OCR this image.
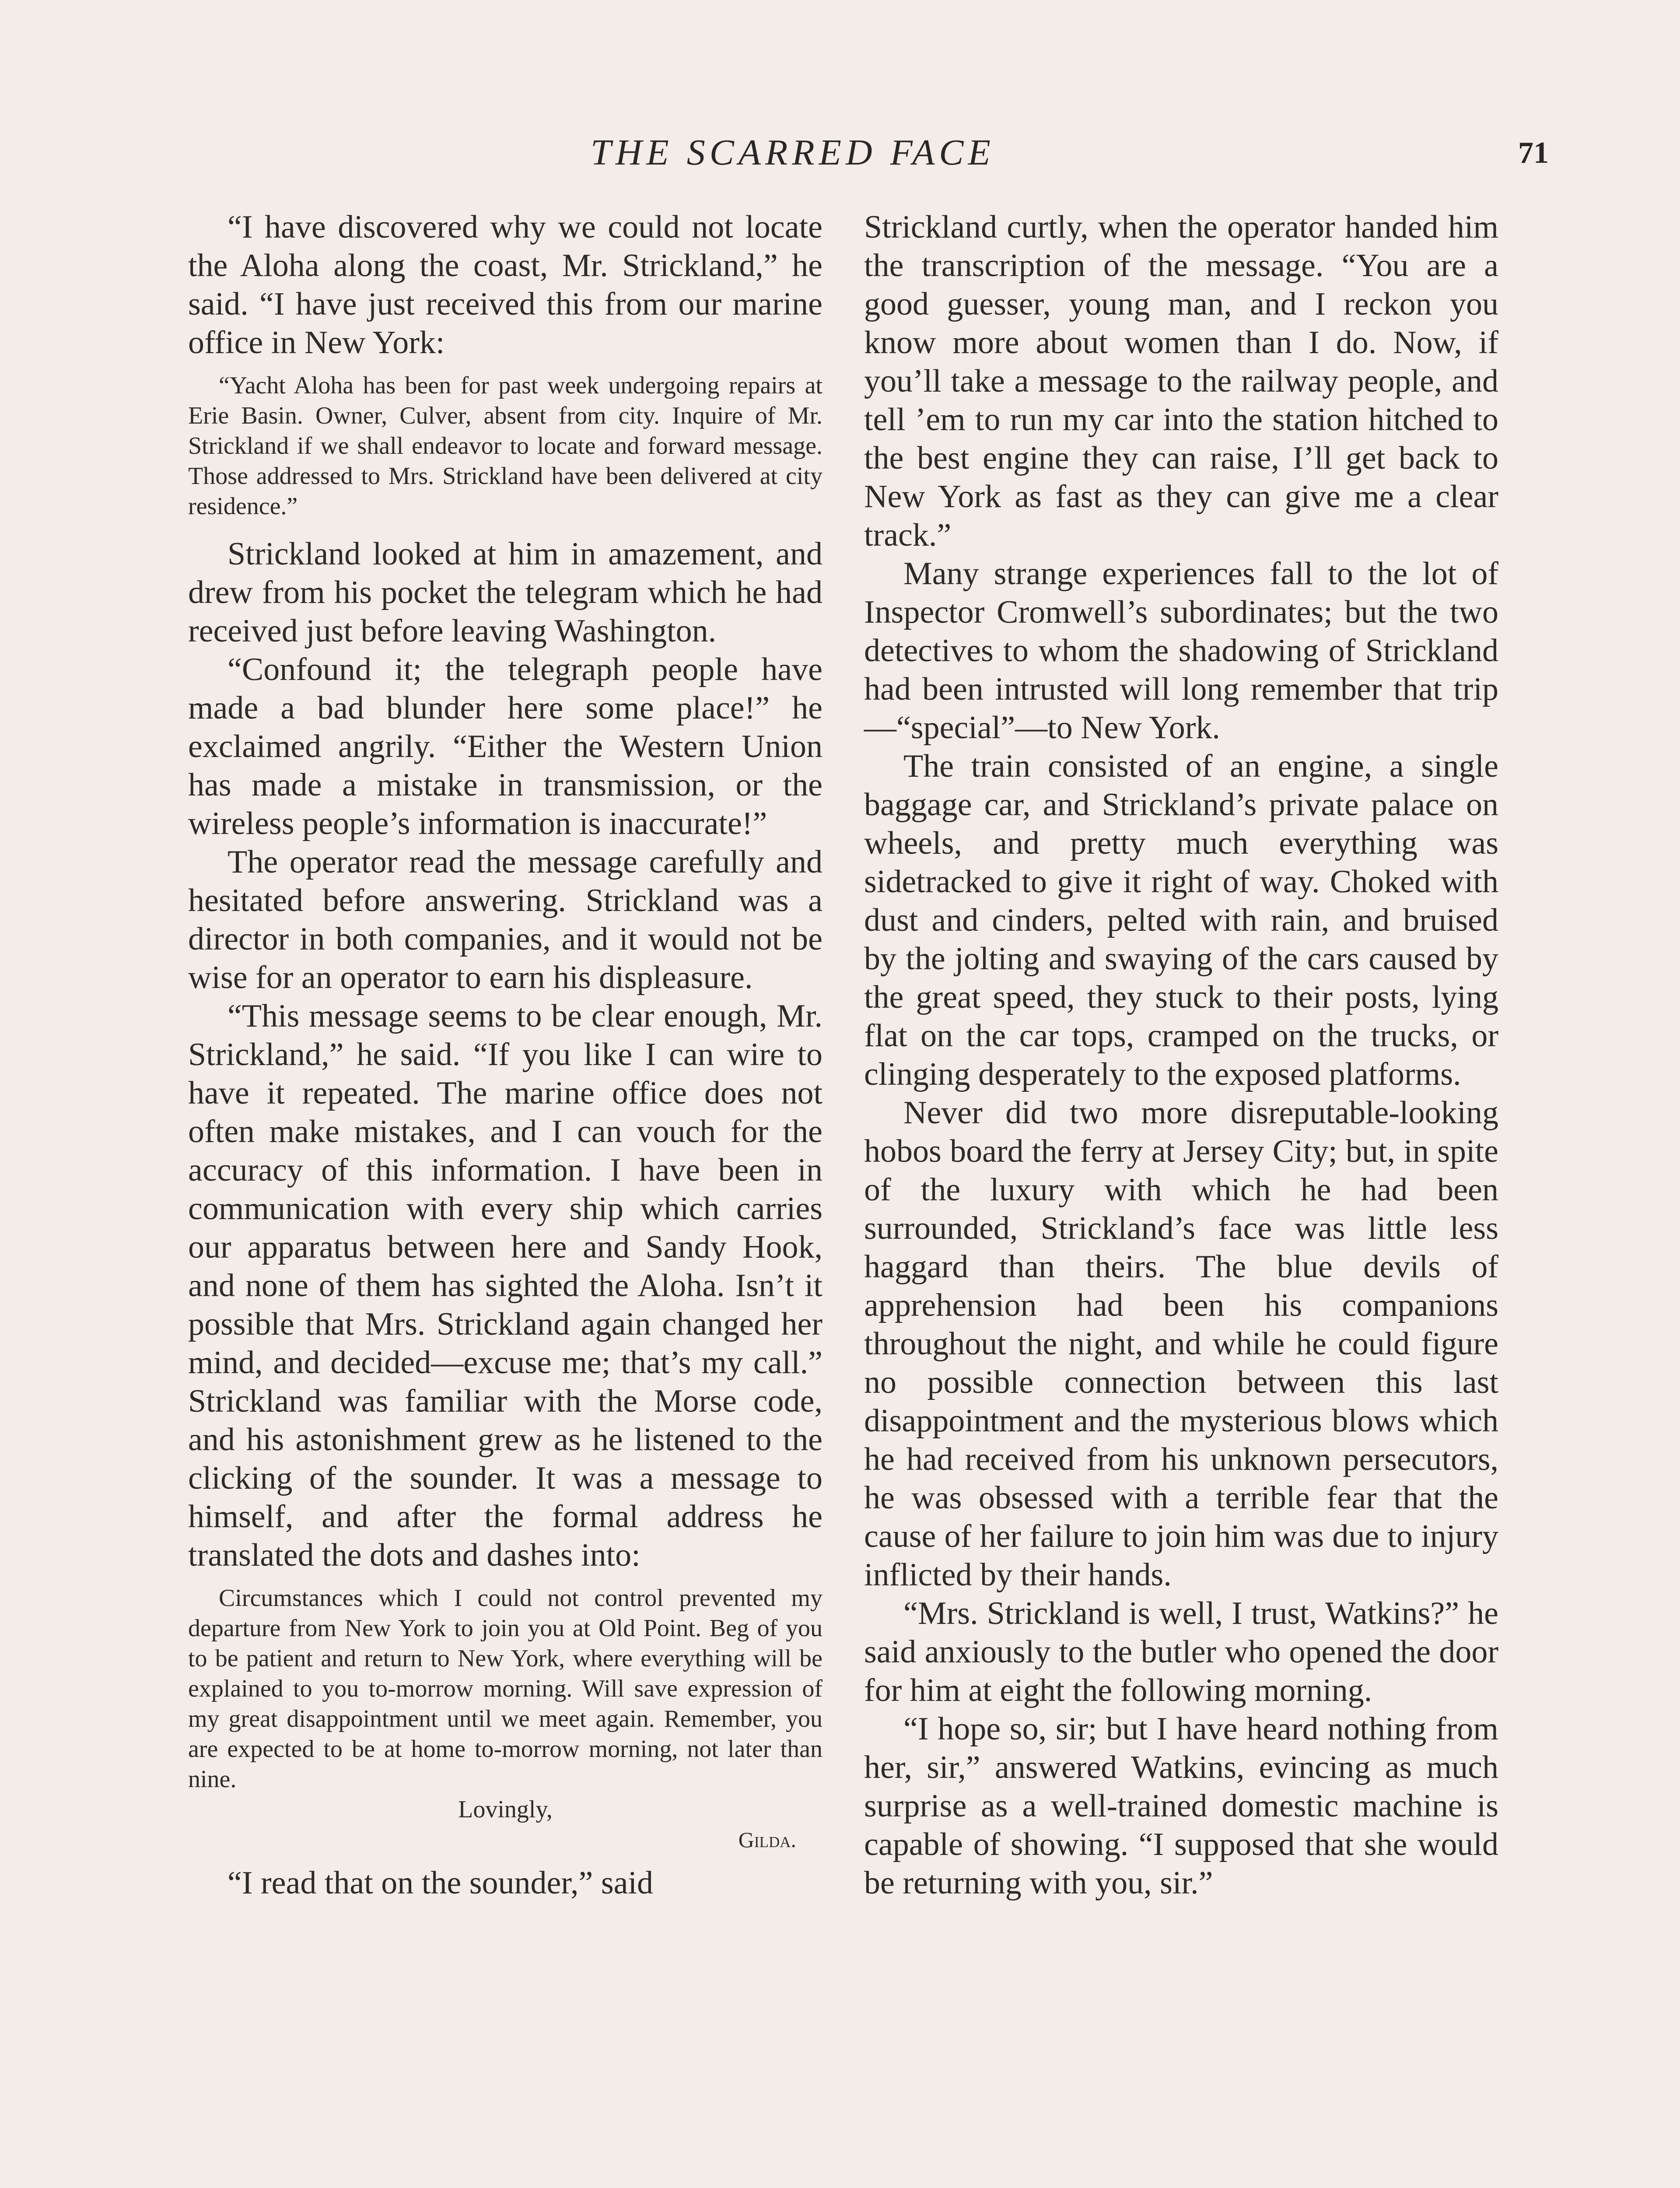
THE SCARRED FACE	71

“I have discovered why we could not locate the Aloha along the coast, Mr. Strickland,” he said. “I have just received this from our marine office in New York:

“Yacht Aloha has been for past week undergoing repairs at Erie Basin. Owner, Culver, absent from city. Inquire of Mr. Strickland if we shall endeavor to locate and forward message. Those addressed to Mrs. Strickland have been delivered at city residence.”

Strickland looked at him in amazement, and drew from his pocket the telegram which he had received just before leaving Washington.

“Confound it; the telegraph people have made a bad blunder here some place!” he exclaimed angrily. “Either the Western Union has made a mistake in transmission, or the wireless people’s information is inaccurate!”

The operator read the message carefully and hesitated before answering. Strickland was a director in both companies, and it would not be wise for an operator to earn his displeasure.

“This message seems to be clear enough, Mr. Strickland,” he said. “If you like I can wire to have it repeated. The marine office does not often make mistakes, and I can vouch for the accuracy of this information. I have been in communication with every ship which carries our apparatus between here and Sandy Hook, and none of them has sighted the Aloha. Isn’t it possible that Mrs. Strickland again changed her mind, and decided—excuse me; that’s my call.” Strickland was familiar with the Morse code, and his astonishment grew as he listened to the clicking of the sounder. It was a message to himself, and after the formal address he translated the dots and dashes into:

Circumstances which I could not control prevented my departure from New York to join you at Old Point. Beg of you to be patient and return to New York, where everything will be explained to you to-morrow morning. Will save expression of my great disappointment until we meet again. Remember, you are expected to be at home to-morrow morning, not later than nine.
Lovingly,
Gilda.

“I read that on the sounder,” said

Strickland curtly, when the operator handed him the transcription of the message. “You are a good guesser, young man, and I reckon you know more about women than I do. Now, if you’ll take a message to the railway people, and tell ’em to run my car into the station hitched to the best engine they can raise, I’ll get back to New York as fast as they can give me a clear track.”

Many strange experiences fall to the lot of Inspector Cromwell’s subordinates; but the two detectives to whom the shadowing of Strickland had been intrusted will long remember that trip —“special”—to New York.

The train consisted of an engine, a single baggage car, and Strickland’s private palace on wheels, and pretty much everything was sidetracked to give it right of way. Choked with dust and cinders, pelted with rain, and bruised by the jolting and swaying of the cars caused by the great speed, they stuck to their posts, lying flat on the car tops, cramped on the trucks, or clinging desperately to the exposed platforms.

Never did two more disreputable-looking hobos board the ferry at Jersey City; but, in spite of the luxury with which he had been surrounded, Strickland’s face was little less haggard than theirs. The blue devils of apprehension had been his companions throughout the night, and while he could figure no possible connection between this last disappointment and the mysterious blows which he had received from his unknown persecutors, he was obsessed with a terrible fear that the cause of her failure to join him was due to injury inflicted by their hands.

“Mrs. Strickland is well, I trust, Watkins?” he said anxiously to the butler who opened the door for him at eight the following morning.

“I hope so, sir; but I have heard nothing from her, sir,” answered Watkins, evincing as much surprise as a well-trained domestic machine is capable of showing. “I supposed that she would be returning with you, sir.”
